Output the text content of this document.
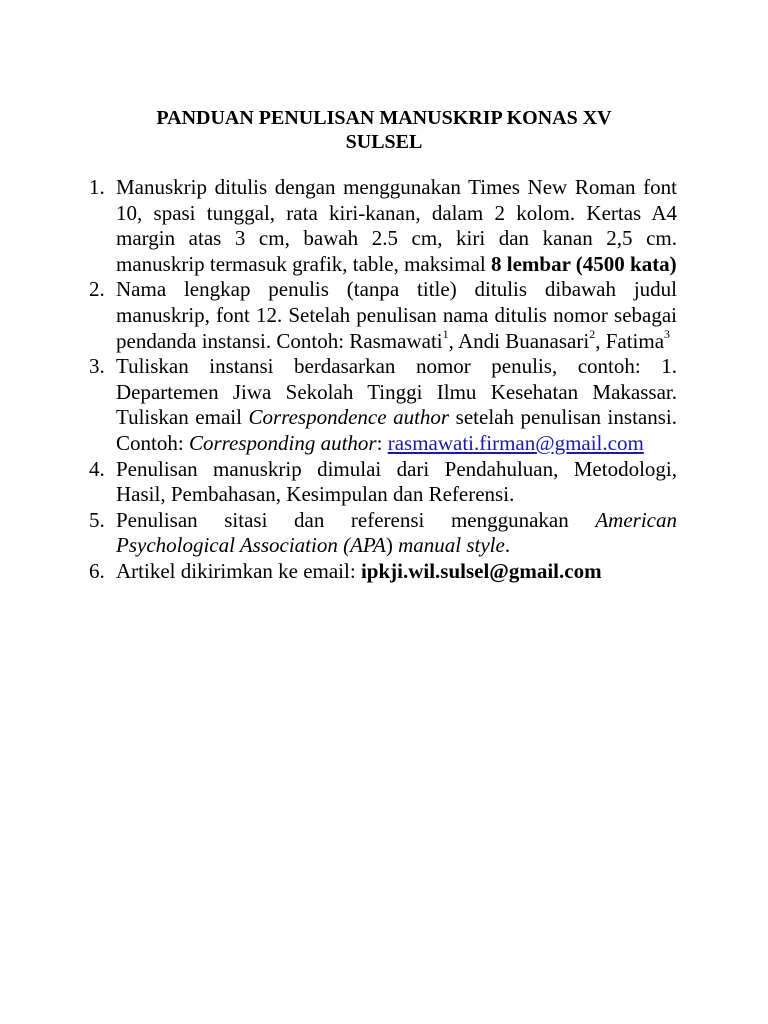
PANDUAN PENULISAN MANUSKRIP KONAS XV
SULSEL
1. Manuskrip ditulis dengan menggunakan Times New Roman font 10, spasi tunggal, rata kiri-kanan, dalam 2 kolom. Kertas A4 margin atas 3 cm, bawah 2.5 cm, kiri dan kanan 2,5 cm. manuskrip termasuk grafik, table, maksimal 8 lembar (4500 kata)
2. Nama lengkap penulis (tanpa title) ditulis dibawah judul manuskrip, font 12. Setelah penulisan nama ditulis nomor sebagai pendanda instansi. Contoh: Rasmawati$^1$, Andi Buanasari$^2$, Fatima$^3$
3. Tuliskan instansi berdasarkan nomor penulis, contoh: 1. Departemen Jiwa Sekolah Tinggi Ilmu Kesehatan Makassar. Tuliskan email Correspondence author setelah penulisan instansi. Contoh: Corresponding author: rasmawati.firman@gmail.com
4. Penulisan manuskrip dimulai dari Pendahuluan, Metodologi, Hasil, Pembahasan, Kesimpulan dan Referensi.
5. Penulisan sitasi dan referensi menggunakan American Psychological Association (APA) manual style.
6. Artikel dikirimkan ke email: ipkji.wil.sulsel@gmail.com
